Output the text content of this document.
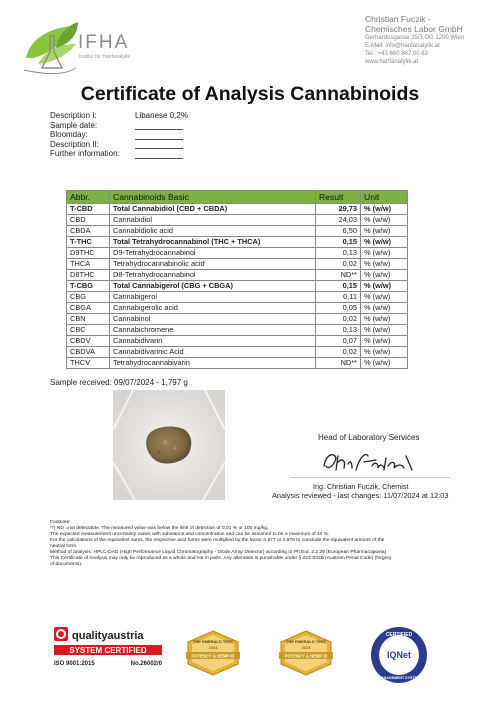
IFHA
Institut für Hanfanalytik
Christian Fuczik -
Chemisches Labor GmbH
Gerhardusgasse 25/3.OG 1200 Wien
E-Mail: info@hanfanalytik.at
Tel.: +43 660 867 00 63
www.hanfanalytik.at
Certificate of Analysis Cannabinoids
Description I:	Libanese 0,2%
Sample date:
Bloomday:
Description II:
Further information:
Abbr.	Cannabinoids Basic	Result	Unit
T-CBD	Total Cannabidiol (CBD + CBDA)	29,73	% (w/w)
CBD	Cannabidiol	24,03	% (w/w)
CBDA	Cannabidiolic acid	6,50	% (w/w)
T-THC	Total Tetrahydrocannabinol (THC + THCA)	0,15	% (w/w)
D9THC	D9-Tetrahydrocannabinol	0,13	% (w/w)
THCA	Tetrahydrocannabinolic acid	0,02	% (w/w)
D8THC	D8-Tetrahydrocannabinol	ND**	% (w/w)
T-CBG	Total Cannabigerol (CBG + CBGA)	0,15	% (w/w)
CBG	Cannabigerol	0,11	% (w/w)
CBGA	Cannabigerolic acid	0,05	% (w/w)
CBN	Cannabinol	0,02	% (w/w)
CBC	Cannabichromene	0,13	% (w/w)
CBDV	Cannabidivarin	0,07	% (w/w)
CBDVA	Cannabidivarinic Acid	0,02	% (w/w)
THCV	Tetrahydrocannabivarin	ND**	% (w/w)
Sample received: 09/07/2024 - 1,797 g
Head of Laboratory Services
Ing. Christian Fuczik, Chemist
Analysis reviewed - last changes: 11/07/2024 at 12:03
Footnote:
**) ND =not detectable. The measured value was below the limit of detection of 0,01 % or 100 mg/kg.
The expected measurement uncertainty varies with substance and concentration and can be assumed to be a maximum of 10 %.
For the calculations of the equivalent sums, the respective acid forms were multiplied by the factor 0.877 or 0.878 to conclude the equivalent amount of the
neutral form.
Method of analysis: HPLC-DAD (High Performance Liquid Chromatography - Diode Array Detector) according to Ph.Eur. 2.2.29 (European Pharmacopoeia)
This Certificate of Analysis may only be reproduced as a whole and not in parts. Any alteration is punishable under § 223 StGB (Austrian Penal Code) (forgery
of documents).
qualityaustria
SYSTEM CERTIFIED
ISO 9001:2015	No.26002/0
THE EMERALD TEST
2024
POTENCY & HEMP ID
THE EMERALD TEST
2024
POTENCY & HEMP ID
CERTIFIED
IQNet
MANAGEMENT SYSTEM
